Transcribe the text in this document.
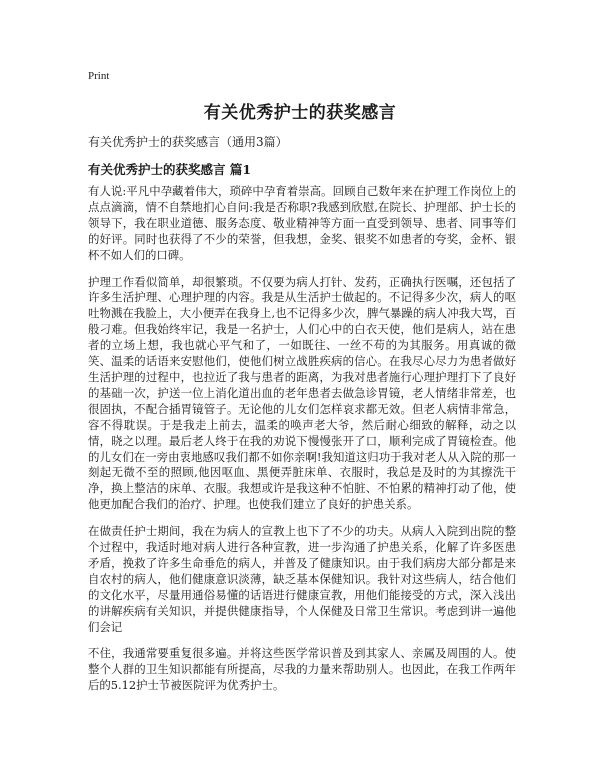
Print
有关优秀护士的获奖感言

有关优秀护士的获奖感言（通用3篇）

有关优秀护士的获奖感言 篇1

有人说:平凡中孕藏着伟大，琐碎中孕育着崇高。回顾自己数年来在护理工作岗位上的点点滴滴，情不自禁地扪心自问:我是否称职?我感到欣慰,在院长、护理部、护士长的领导下，我在职业道德、服务态度、敬业精神等方面一直受到领导、患者、同事等们的好评。同时也获得了不少的荣誉，但我想，金奖、银奖不如患者的夸奖，金杯、银杯不如人们的口碑。

护理工作看似简单，却很繁琐。不仅要为病人打针、发药，正确执行医嘱，还包括了许多生活护理、心理护理的内容。我是从生活护士做起的。不记得多少次，病人的呕吐物溅在我脸上，大小便弄在我身上,也不记得多少次，脾气暴躁的病人冲我大骂，百般刁难。但我始终牢记，我是一名护士，人们心中的白衣天使，他们是病人，站在患者的立场上想，我也就心平气和了，一如既往、一丝不苟的为其服务。用真诚的微笑、温柔的话语来安慰他们，使他们树立战胜疾病的信心。在我尽心尽力为患者做好生活护理的过程中，也拉近了我与患者的距离，为我对患者施行心理护理打下了良好的基础一次，护送一位上消化道出血的老年患者去做急诊胃镜，老人情绪非常差，也很固执，不配合插胃镜管子。无论他的儿女们怎样哀求都无效。但老人病情非常急，容不得耽误。于是我走上前去，温柔的唤声老大爷，然后耐心细致的解释，动之以情，晓之以理。最后老人终于在我的劝说下慢慢张开了口，顺利完成了胃镜检查。他的儿女们在一旁由衷地感叹我们都不如你亲啊!我知道这归功于我对老人从入院的那一刻起无微不至的照顾,他因呕血、黑便弄脏床单、衣服时，我总是及时的为其擦洗干净，换上整洁的床单、衣服。我想或许是我这种不怕脏、不怕累的精神打动了他，使他更加配合我们的治疗、护理。也使我们建立了良好的护患关系。

在做责任护士期间，我在为病人的宣教上也下了不少的功夫。从病人入院到出院的整个过程中，我适时地对病人进行各种宣教，进一步沟通了护患关系，化解了许多医患矛盾，挽救了许多生命垂危的病人，并普及了健康知识。由于我们病房大部分都是来自农村的病人，他们健康意识淡薄，缺乏基本保健知识。我针对这些病人，结合他们的文化水平，尽量用通俗易懂的话语进行健康宣教，用他们能接受的方式，深入浅出的讲解疾病有关知识，并提供健康指导，个人保健及日常卫生常识。考虑到讲一遍他们会记

不住，我通常要重复很多遍。并将这些医学常识普及到其家人、亲属及周围的人。使整个人群的卫生知识都能有所提高，尽我的力量来帮助别人。也因此，在我工作两年后的5.12护士节被医院评为优秀护士。
